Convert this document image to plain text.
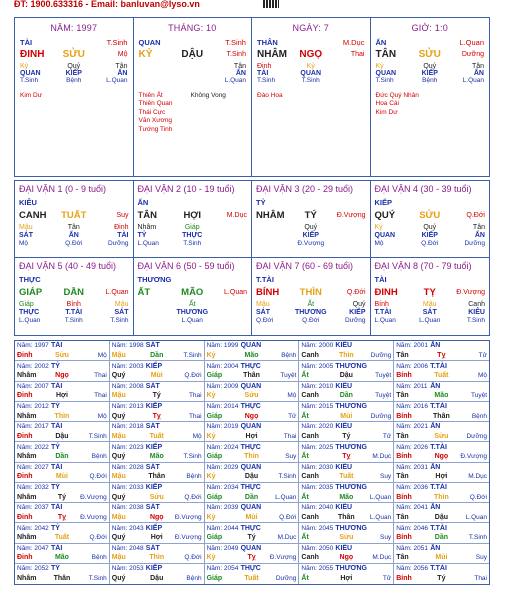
ĐT: 1900.633316 - Email: banluvan@lyso.vn
NĂM: 1997
TÀI	T.Sinh
ĐINH	SỬU	Mộ
Kỷ	Quý	Tân
QUAN	KIẾP	ẤN
T.Sinh	Bệnh	L.Quan
Kim Dư
THÁNG: 10
QUAN	T.Sinh
KỶ	DẬU	T.Sinh
Tân
ẤN
L.Quan
Thiên Ất
Thiên Quan
Thái Cực
Văn Xương
Tướng Tinh
Không Vong
NGÀY: 7
THÂN	M.Dục
NHÂM	NGỌ	Thai
Đinh	Kỷ
TÀI	QUAN
T.Sinh	T.Sinh
Đào Hoa
GIỜ: 1:0
ẤN	L.Quan
TÂN	SỬU	Dưỡng
Kỷ	Quý	Tân
QUAN	KIẾP	ẤN
T.Sinh	Bệnh	L.Quan
Đức Quý Nhân
Hoa Cái
Kim Dư
ĐẠI VẬN 1 (0 - 9 tuổi)
KIÊU
CANH	TUẤT	Suy
Mậu	Tân	Đinh
SÁT	ẤN	TÀI
Mộ	Q.Đới	Dưỡng
ĐẠI VẬN 2 (10 - 19 tuổi)
ẤN
TÂN	HỢI	M.Dục
Nhâm	Giáp
TỶ	THỰC
L.Quan	T.Sinh
ĐẠI VẬN 3 (20 - 29 tuổi)
TỶ
NHÂM	TÝ	Đ.Vượng
Quý
KIẾP
Đ.Vượng
ĐẠI VẬN 4 (30 - 39 tuổi)
KIẾP
QUÝ	SỬU	Q.Đới
Kỷ	Quý	Tân
QUAN	KIẾP	ẤN
Mộ	Q.Đới	Dưỡng
ĐẠI VẬN 5 (40 - 49 tuổi)
THỰC
GIÁP	DẦN	L.Quan
Giáp	Bính	Mậu
THỰC	T.TÀI	SÁT
L.Quan	T.Sinh	T.Sinh
ĐẠI VẬN 6 (50 - 59 tuổi)
THƯƠNG
ẤT	MÃO	L.Quan
Ất
THƯƠNG
L.Quan
ĐẠI VẬN 7 (60 - 69 tuổi)
T.TÀI
BÍNH	THÌN	Q.Đới
Mậu	Ất	Quý
SÁT	THƯƠNG	KIẾP
Q.Đới	Q.Đới	Dưỡng
ĐẠI VẬN 8 (70 - 79 tuổi)
TÀI
ĐINH	TỴ	Đ.Vượng
Bính	Mậu	Canh
T.TÀI	SÁT	KIÊU
L.Quan	L.Quan	T.Sinh
Năm: 1997 TÀI
Đinh	Sửu	Mộ
Năm: 1998 SÁT
Mậu	Dần	T.Sinh
Năm: 1999 QUAN
Kỷ	Mão	Bệnh
Năm: 2000 KIÊU
Canh	Thìn	Dưỡng
Năm: 2001 ẤN
Tân	Tỵ	Tử
Năm: 2002 TỶ
Nhâm	Ngọ	Thai
Năm: 2003 KIẾP
Quý	Mùi	Q.Đới
Năm: 2004 THỰC
Giáp	Thân	Tuyệt
Năm: 2005 THƯƠNG
Ất	Dậu	Tuyệt
Năm: 2006 T.TÀI
Bính	Tuất	Mộ
Năm: 2007 TÀI
Đinh	Hợi	Thai
Năm: 2008 SÁT
Mậu	Tý	Thai
Năm: 2009 QUAN
Kỷ	Sửu	Mộ
Năm: 2010 KIÊU
Canh	Dần	Tuyệt
Năm: 2011 ẤN
Tân	Mão	Tuyệt
Năm: 2012 TỶ
Nhâm	Thìn	Mộ
Năm: 2013 KIẾP
Quý	Tỵ	Thai
Năm: 2014 THỰC
Giáp	Ngọ	Tử
Năm: 2015 THƯƠNG
Ất	Mùi	Dưỡng
Năm: 2016 T.TÀI
Bính	Thân	Bệnh
Năm: 2017 TÀI
Đinh	Dậu	T.Sinh
Năm: 2018 SÁT
Mậu	Tuất	Mộ
Năm: 2019 QUAN
Kỷ	Hợi	Thai
Năm: 2020 KIÊU
Canh	Tý	Tử
Năm: 2021 ẤN
Tân	Sửu	Dưỡng
Năm: 2022 TỶ
Nhâm	Dần	Bệnh
Năm: 2023 KIẾP
Quý	Mão	T.Sinh
Năm: 2024 THỰC
Giáp	Thìn	Suy
Năm: 2025 THƯƠNG
Ất	Tỵ	M.Dục
Năm: 2026 T.TÀI
Bính	Ngọ	Đ.Vượng
Năm: 2027 TÀI
Đinh	Mùi	Q.Đới
Năm: 2028 SÁT
Mậu	Thân	Bệnh
Năm: 2029 QUAN
Kỷ	Dậu	T.Sinh
Năm: 2030 KIÊU
Canh	Tuất	Suy
Năm: 2031 ẤN
Tân	Hợi	M.Dục
Năm: 2032 TỶ
Nhâm	Tý	Đ.Vượng
Năm: 2033 KIẾP
Quý	Sửu	Q.Đới
Năm: 2034 THỰC
Giáp	Dần	L.Quan
Năm: 2035 THƯƠNG
Ất	Mão	L.Quan
Năm: 2036 T.TÀI
Bính	Thìn	Q.Đới
Năm: 2037 TÀI
Đinh	Tỵ	Đ.Vượng
Năm: 2038 SÁT
Mậu	Ngọ	Đ.Vượng
Năm: 2039 QUAN
Kỷ	Mùi	Q.Đới
Năm: 2040 KIÊU
Canh	Thân	L.Quan
Năm: 2041 ẤN
Tân	Dậu	L.Quan
Năm: 2042 TỶ
Nhâm	Tuất	Q.Đới
Năm: 2043 KIẾP
Quý	Hợi	Đ.Vượng
Năm: 2044 THỰC
Giáp	Tý	M.Dục
Năm: 2045 THƯƠNG
Ất	Sửu	Suy
Năm: 2046 T.TÀI
Bính	Dần	T.Sinh
Năm: 2047 TÀI
Đinh	Mão	Bệnh
Năm: 2048 SÁT
Mậu	Thìn	Q.Đới
Năm: 2049 QUAN
Kỷ	Tỵ	Đ.Vượng
Năm: 2050 KIÊU
Canh	Ngọ	M.Dục
Năm: 2051 ẤN
Tân	Mùi	Suy
Năm: 2052 TỶ
Nhâm	Thân	T.Sinh
Năm: 2053 KIẾP
Quý	Dậu	Bệnh
Năm: 2054 THỰC
Giáp	Tuất	Dưỡng
Năm: 2055 THƯƠNG
Ất	Hợi	Tử
Năm: 2056 T.TÀI
Bính	Tý	Thai
